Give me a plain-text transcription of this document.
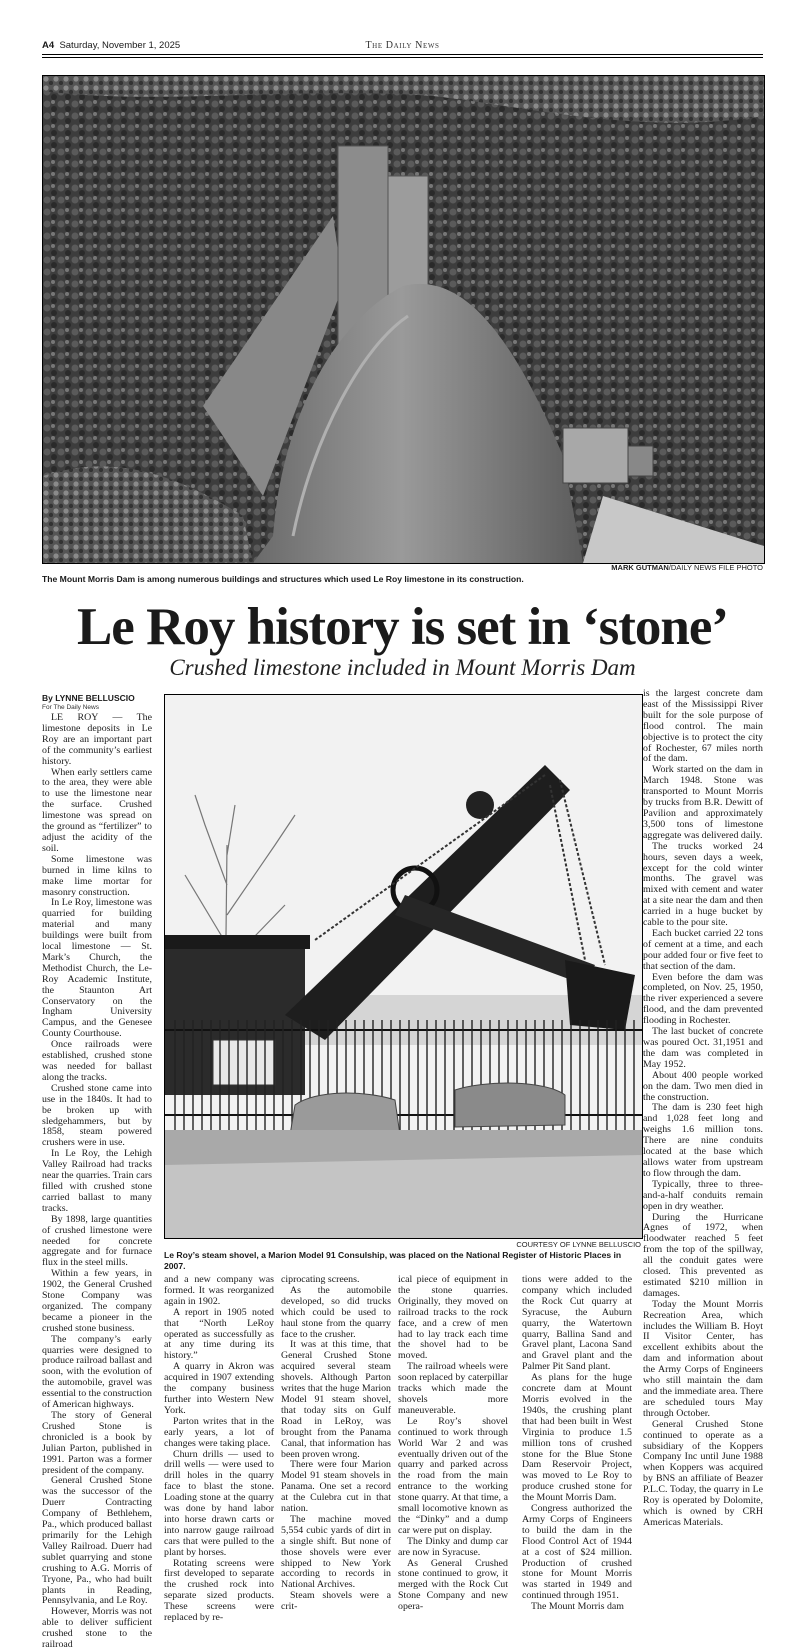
A4 Saturday, November 1, 2025	The Daily News
MARK GUTMAN/DAILY NEWS FILE PHOTO
The Mount Morris Dam is among numerous buildings and structures which used Le Roy limestone in its construction.
Le Roy history is set in ‘stone’
Crushed limestone included in Mount Morris Dam
By LYNNE BELLUSCIO
For The Daily News

LE ROY — The limestone deposits in Le Roy are an important part of the community’s earliest history.

When early settlers came to the area, they were able to use the limestone near the surface. Crushed limestone was spread on the ground as “fertilizer” to adjust the acidity of the soil.

Some limestone was burned in lime kilns to make lime mortar for masonry construction.

In Le Roy, limestone was quarried for building material and many buildings were built from local limestone — St. Mark’s Church, the Methodist Church, the Le-Roy Academic Institute, the Staunton Art Conservatory on the Ingham University Campus, and the Genesee County Courthouse.

Once railroads were established, crushed stone was needed for ballast along the tracks.

Crushed stone came into use in the 1840s. It had to be broken up with sledgehammers, but by 1858, steam powered crushers were in use.

In Le Roy, the Lehigh Valley Railroad had tracks near the quarries. Train cars filled with crushed stone carried ballast to many tracks.

By 1898, large quantities of crushed limestone were needed for concrete aggregate and for furnace flux in the steel mills.

Within a few years, in 1902, the General Crushed Stone Company was organized. The company became a pioneer in the crushed stone business.

The company’s early quarries were designed to produce railroad ballast and soon, with the evolution of the automobile, gravel was essential to the construction of American highways.

The story of General Crushed Stone is chronicled is a book by Julian Parton, published in 1991. Parton was a former president of the company.

General Crushed Stone was the successor of the Duerr Contracting Company of Bethlehem, Pa., which produced ballast primarily for the Lehigh Valley Railroad. Duerr had sublet quarrying and stone crushing to A.G. Morris of Tryone, Pa., who had built plants in Reading, Pennsylvania, and Le Roy.

However, Morris was not able to deliver sufficient crushed stone to the railroad

COURTESY OF LYNNE BELLUSCIO
Le Roy’s steam shovel, a Marion Model 91 Consulship, was placed on the National Register of Historic Places in 2007.

and a new company was formed. It was reorganized again in 1902.

A report in 1905 noted that “North LeRoy operated as successfully as at any time during its history.”

A quarry in Akron was acquired in 1907 extending the company business further into Western New York.

Parton writes that in the early years, a lot of changes were taking place.

Churn drills — used to drill wells — were used to drill holes in the quarry face to blast the stone. Loading stone at the quarry was done by hand labor into horse drawn carts or into narrow gauge railroad cars that were pulled to the plant by horses.

Rotating screens were first developed to separate the crushed rock into separate sized products. These screens were replaced by re-

ciprocating screens.

As the automobile developed, so did trucks which could be used to haul stone from the quarry face to the crusher.

It was at this time, that General Crushed Stone acquired several steam shovels. Although Parton writes that the huge Marion Model 91 steam shovel, that today sits on Gulf Road in LeRoy, was brought from the Panama Canal, that information has been proven wrong.

There were four Marion Model 91 steam shovels in Panama. One set a record at the Culebra cut in that nation.

The machine moved 5,554 cubic yards of dirt in a single shift. But none of those shovels were ever shipped to New York according to records in National Archives.

Steam shovels were a crit-

ical piece of equipment in the stone quarries. Originally, they moved on railroad tracks to the rock face, and a crew of men had to lay track each time the shovel had to be moved.

The railroad wheels were soon replaced by caterpillar tracks which made the shovels more maneuverable.

Le Roy’s shovel continued to work through World War 2 and was eventually driven out of the quarry and parked across the road from the main entrance to the working stone quarry. At that time, a small locomotive known as the “Dinky” and a dump car were put on display.

The Dinky and dump car are now in Syracuse.

As General Crushed stone continued to grow, it merged with the Rock Cut Stone Company and new opera-

tions were added to the company which included the Rock Cut quarry at Syracuse, the Auburn quarry, the Watertown quarry, Ballina Sand and Gravel plant, Lacona Sand and Gravel plant and the Palmer Pit Sand plant.

As plans for the huge concrete dam at Mount Morris evolved in the 1940s, the crushing plant that had been built in West Virginia to produce 1.5 million tons of crushed stone for the Blue Stone Dam Reservoir Project, was moved to Le Roy to produce crushed stone for the Mount Morris Dam.

Congress authorized the Army Corps of Engineers to build the dam in the Flood Control Act of 1944 at a cost of $24 million. Production of crushed stone for Mount Morris was started in 1949 and continued through 1951.

The Mount Morris dam

is the largest concrete dam east of the Mississippi River built for the sole purpose of flood control. The main objective is to protect the city of Rochester, 67 miles north of the dam.

Work started on the dam in March 1948. Stone was transported to Mount Morris by trucks from B.R. Dewitt of Pavilion and approximately 3,500 tons of limestone aggregate was delivered daily.

The trucks worked 24 hours, seven days a week, except for the cold winter months. The gravel was mixed with cement and water at a site near the dam and then carried in a huge bucket by cable to the pour site.

Each bucket carried 22 tons of cement at a time, and each pour added four or five feet to that section of the dam.

Even before the dam was completed, on Nov. 25, 1950, the river experienced a severe flood, and the dam prevented flooding in Rochester.

The last bucket of concrete was poured Oct. 31,1951 and the dam was completed in May 1952.

About 400 people worked on the dam. Two men died in the construction.

The dam is 230 feet high and 1,028 feet long and weighs 1.6 million tons. There are nine conduits located at the base which allows water from upstream to flow through the dam.

Typically, three to three-and-a-half conduits remain open in dry weather.

During the Hurricane Agnes of 1972, when floodwater reached 5 feet from the top of the spillway, all the conduit gates were closed. This prevented as estimated $210 million in damages.

Today the Mount Morris Recreation Area, which includes the William B. Hoyt II Visitor Center, has excellent exhibits about the dam and information about the Army Corps of Engineers who still maintain the dam and the immediate area. There are scheduled tours May through October.

General Crushed Stone continued to operate as a subsidiary of the Koppers Company Inc until June 1988 when Koppers was acquired by BNS an affiliate of Beazer P.L.C. Today, the quarry in Le Roy is operated by Dolomite, which is owned by CRH Americas Materials.
